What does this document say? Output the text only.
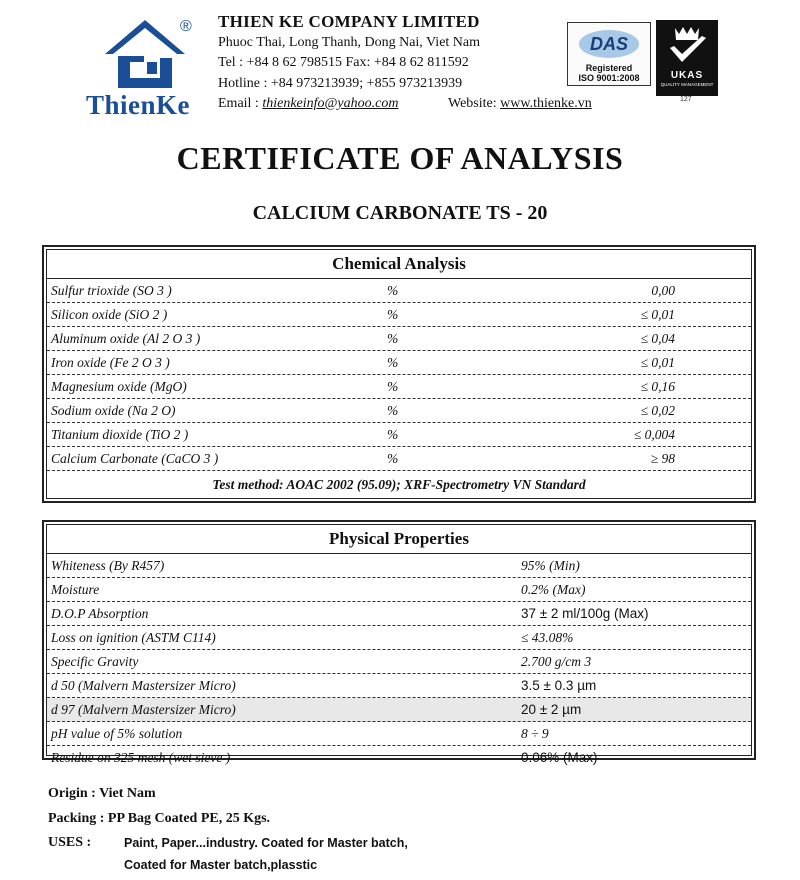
®
ThienKe
THIEN KE COMPANY LIMITED
Phuoc Thai, Long Thanh, Dong Nai, Viet Nam
Tel : +84 8 62 798515 Fax: +84 8 62 811592
Hotline : +84 973213939; +855 973213939
Email : thienkeinfo@yahoo.com	Website: www.thienke.vn
DAS
Registered
ISO 9001:2008	UKAS
QUALITY MANAGEMENT
127
CERTIFICATE OF ANALYSIS
CALCIUM CARBONATE TS - 20
Chemical Analysis
Sulfur trioxide (SO 3 )	%	0,00
Silicon oxide (SiO 2 )	%	≤ 0,01
Aluminum oxide (Al 2 O 3 )	%	≤ 0,04
Iron oxide (Fe 2 O 3 )	%	≤ 0,01
Magnesium oxide (MgO)	%	≤ 0,16
Sodium oxide (Na 2 O)	%	≤ 0,02
Titanium dioxide (TiO 2 )	%	≤ 0,004
Calcium Carbonate (CaCO 3 )	%	≥ 98
Test method: AOAC 2002 (95.09); XRF-Spectrometry VN Standard
Physical Properties
Whiteness (By R457)	95% (Min)
Moisture	0.2% (Max)
D.O.P Absorption	37 ± 2 ml/100g (Max)
Loss on ignition (ASTM C114)	≤ 43.08%
Specific Gravity	2.700 g/cm 3
d 50 (Malvern Mastersizer Micro)	3.5 ± 0.3 µm
d 97 (Malvern Mastersizer Micro)	20 ± 2 µm
pH value of 5% solution	8 ÷ 9
Residue on 325 mesh (wet sieve )	0.06% (Max)
Origin : Viet Nam
Packing : PP Bag Coated PE, 25 Kgs.
USES :	Paint, Paper...industry. Coated for Master batch,
Coated for Master batch,plasstic
